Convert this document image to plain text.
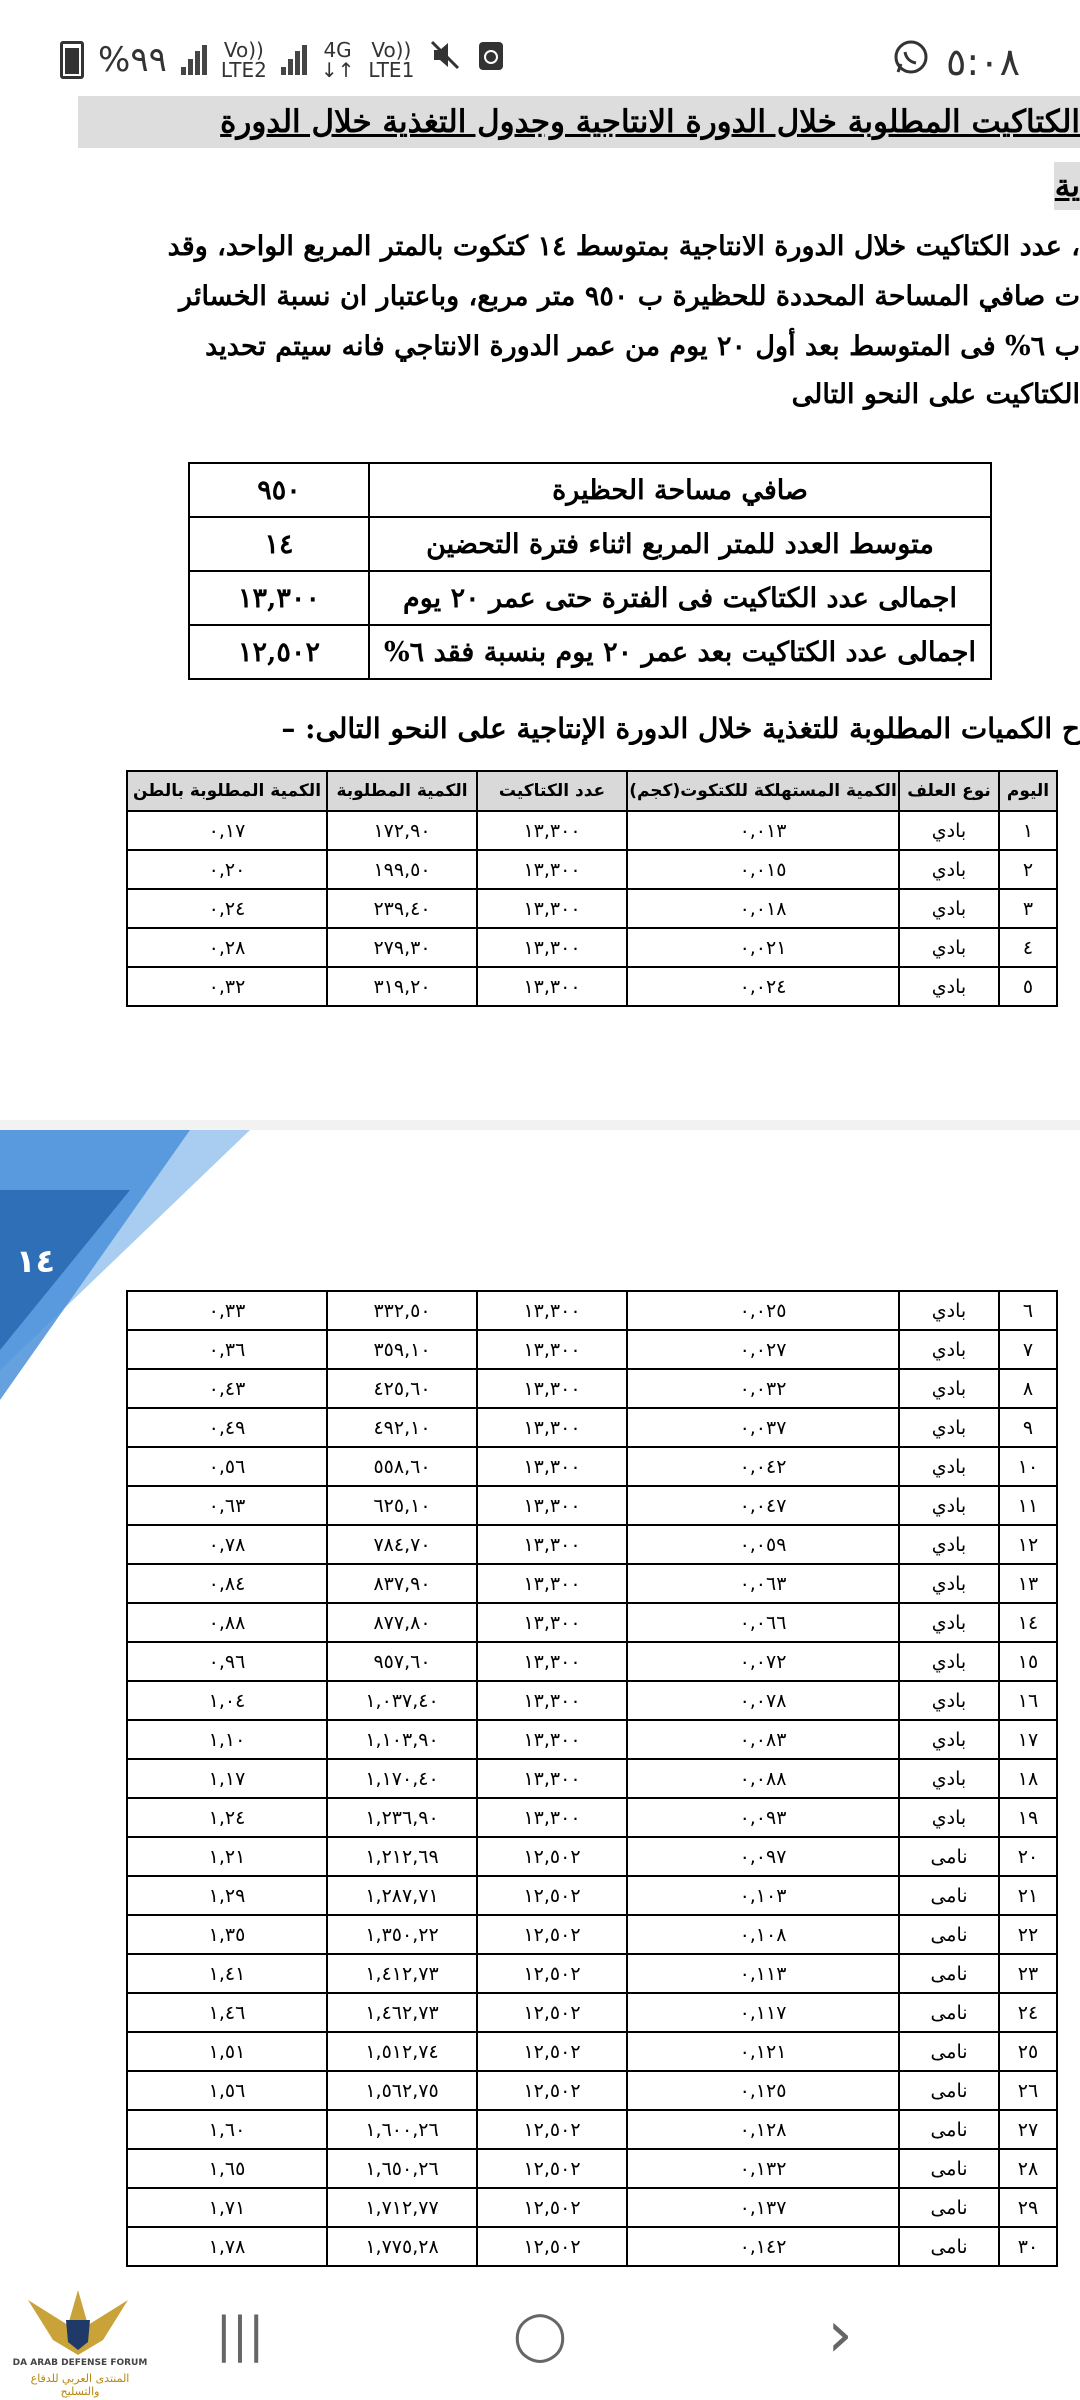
%٩٩	Vo))
LTE2
4G
↓↑
Vo))
LTE1	٥:٠٨
الكتاكيت المطلوبة خلال الدورة الانتاجية وجدول التغذية خلال الدورة
ية
، عدد الكتاكيت خلال الدورة الانتاجية بمتوسط ١٤ كتكوت بالمتر المربع الواحد، وقد
ت صافي المساحة المحددة للحظيرة ب ٩٥٠ متر مربع، وباعتبار ان نسبة الخسائر
ب ٦% فى المتوسط بعد أول ٢٠ يوم من عمر الدورة الانتاجي فانه سيتم تحديد
الكتاكيت على النحو التالى
صافي مساحة الحظيرة	٩٥٠
متوسط العدد للمتر المربع اثناء فترة التحضين	١٤
اجمالى عدد الكتاكيت فى الفترة حتى عمر ٢٠ يوم	١٣,٣٠٠
اجمالى عدد الكتاكيت بعد عمر ٢٠ يوم بنسبة فقد ٦%	١٢,٥٠٢
ح الكميات المطلوبة للتغذية خلال الدورة الإنتاجية على النحو التالى: –
اليوم	نوع العلف	الكمية المستهلكة للكتكوت(كجم)	عدد الكتاكيت	الكمية المطلوبة	الكمية المطلوبة بالطن
١	بادي	٠,٠١٣	١٣,٣٠٠	١٧٢,٩٠	٠,١٧
٢	بادي	٠,٠١٥	١٣,٣٠٠	١٩٩,٥٠	٠,٢٠
٣	بادي	٠,٠١٨	١٣,٣٠٠	٢٣٩,٤٠	٠,٢٤
٤	بادي	٠,٠٢١	١٣,٣٠٠	٢٧٩,٣٠	٠,٢٨
٥	بادي	٠,٠٢٤	١٣,٣٠٠	٣١٩,٢٠	٠,٣٢
١٤
٦	بادي	٠,٠٢٥	١٣,٣٠٠	٣٣٢,٥٠	٠,٣٣
٧	بادي	٠,٠٢٧	١٣,٣٠٠	٣٥٩,١٠	٠,٣٦
٨	بادي	٠,٠٣٢	١٣,٣٠٠	٤٢٥,٦٠	٠,٤٣
٩	بادي	٠,٠٣٧	١٣,٣٠٠	٤٩٢,١٠	٠,٤٩
١٠	بادي	٠,٠٤٢	١٣,٣٠٠	٥٥٨,٦٠	٠,٥٦
١١	بادي	٠,٠٤٧	١٣,٣٠٠	٦٢٥,١٠	٠,٦٣
١٢	بادي	٠,٠٥٩	١٣,٣٠٠	٧٨٤,٧٠	٠,٧٨
١٣	بادي	٠,٠٦٣	١٣,٣٠٠	٨٣٧,٩٠	٠,٨٤
١٤	بادي	٠,٠٦٦	١٣,٣٠٠	٨٧٧,٨٠	٠,٨٨
١٥	بادي	٠,٠٧٢	١٣,٣٠٠	٩٥٧,٦٠	٠,٩٦
١٦	بادي	٠,٠٧٨	١٣,٣٠٠	١,٠٣٧,٤٠	١,٠٤
١٧	بادي	٠,٠٨٣	١٣,٣٠٠	١,١٠٣,٩٠	١,١٠
١٨	بادي	٠,٠٨٨	١٣,٣٠٠	١,١٧٠,٤٠	١,١٧
١٩	بادي	٠,٠٩٣	١٣,٣٠٠	١,٢٣٦,٩٠	١,٢٤
٢٠	نامى	٠,٠٩٧	١٢,٥٠٢	١,٢١٢,٦٩	١,٢١
٢١	نامى	٠,١٠٣	١٢,٥٠٢	١,٢٨٧,٧١	١,٢٩
٢٢	نامى	٠,١٠٨	١٢,٥٠٢	١,٣٥٠,٢٢	١,٣٥
٢٣	نامى	٠,١١٣	١٢,٥٠٢	١,٤١٢,٧٣	١,٤١
٢٤	نامى	٠,١١٧	١٢,٥٠٢	١,٤٦٢,٧٣	١,٤٦
٢٥	نامى	٠,١٢١	١٢,٥٠٢	١,٥١٢,٧٤	١,٥١
٢٦	نامى	٠,١٢٥	١٢,٥٠٢	١,٥٦٢,٧٥	١,٥٦
٢٧	نامى	٠,١٢٨	١٢,٥٠٢	١,٦٠٠,٢٦	١,٦٠
٢٨	نامى	٠,١٣٢	١٢,٥٠٢	١,٦٥٠,٢٦	١,٦٥
٢٩	نامى	٠,١٣٧	١٢,٥٠٢	١,٧١٢,٧٧	١,٧١
٣٠	نامى	٠,١٤٢	١٢,٥٠٢	١,٧٧٥,٢٨	١,٧٨
|||	◯	›
DA ARAB DEFENSE FORUM
المنتدى العربي للدفاع والتسليح
